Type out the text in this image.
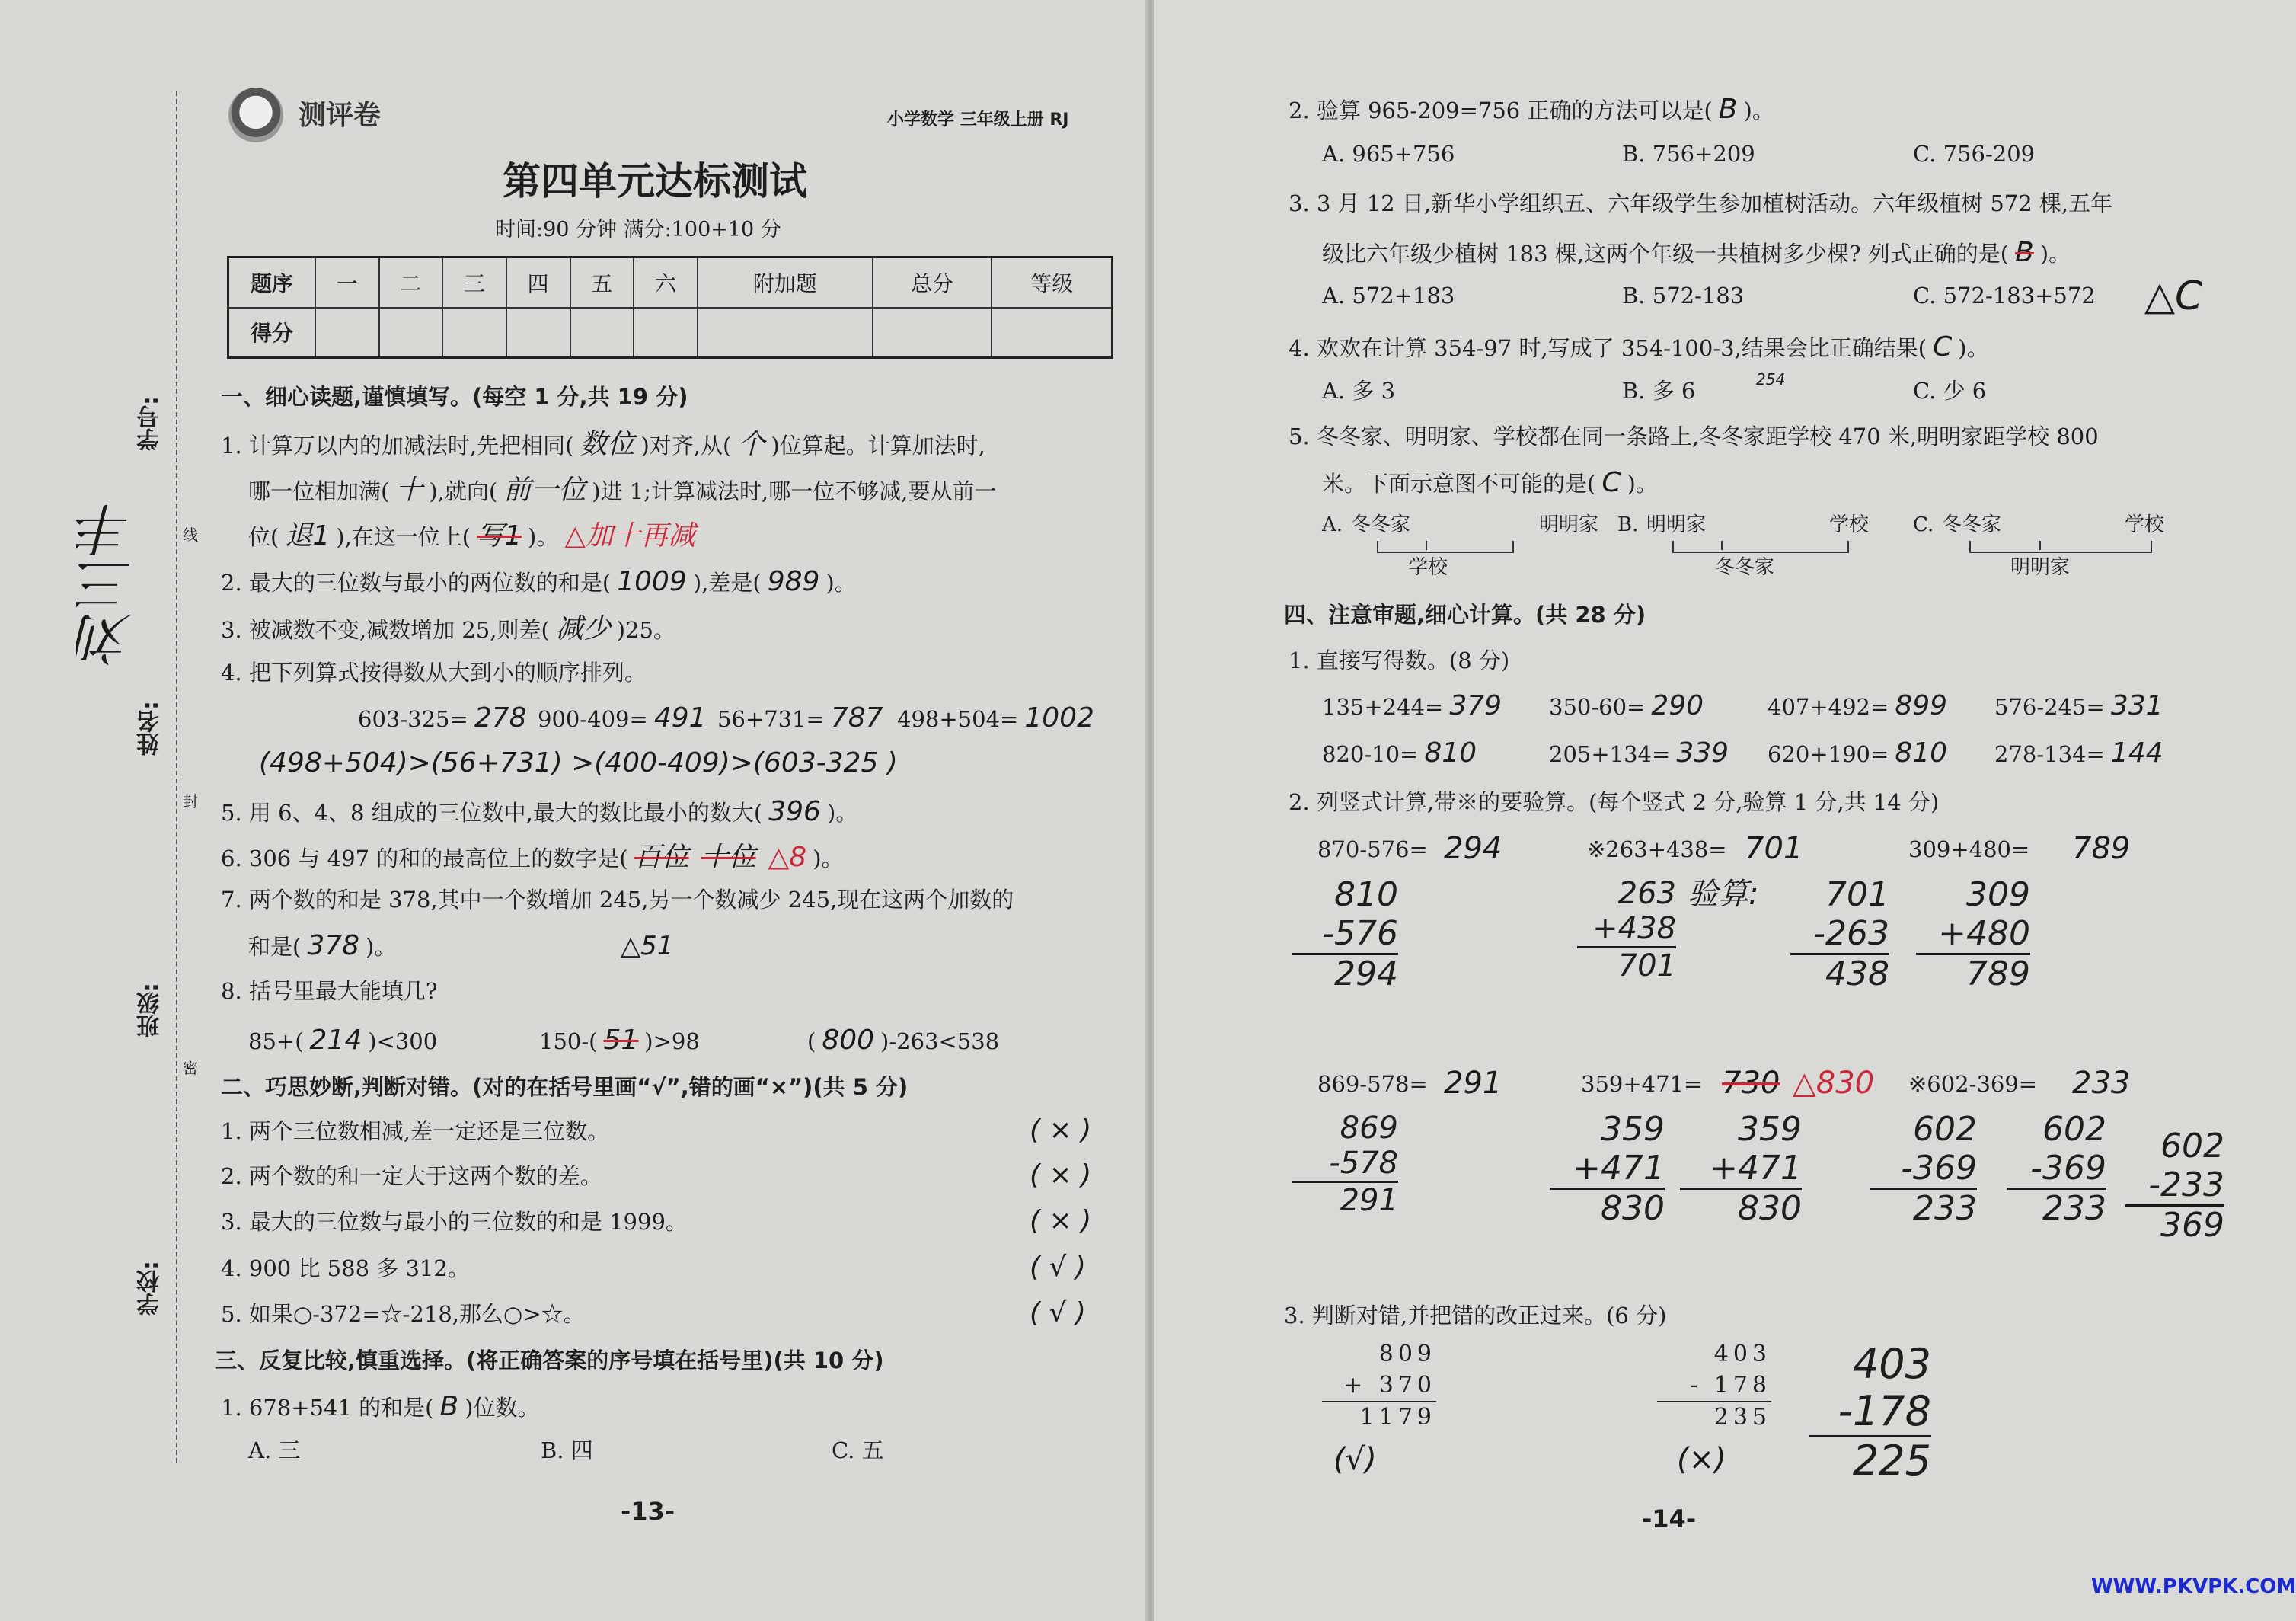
学号:
姓名:
班级:
学校:
线
封
密
刘三丰
测评卷	小学数学 三年级上册 RJ
第四单元达标测试
时间:90 分钟 满分:100+10 分
题序	一	二	三	四	五	六	附加题	总分	等级
得分									
一、细心读题,谨慎填写。(每空 1 分,共 19 分)
1. 计算万以内的加减法时,先把相同( 数位 )对齐,从( 个 )位算起。计算加法时,
哪一位相加满( 十 ),就向( 前一位 )进 1;计算减法时,哪一位不够减,要从前一
位( 退1 ),在这一位上( 写1 )。 △加十再减
2. 最大的三位数与最小的两位数的和是( 1009 ),差是( 989 )。
3. 被减数不变,减数增加 25,则差( 减少 )25。
4. 把下列算式按得数从大到小的顺序排列。
603-325= 278 900-409= 491 56+731= 787 498+504= 1002
(498+504)>(56+731) >(400-409)>(603-325 )
5. 用 6、4、8 组成的三位数中,最大的数比最小的数大( 396 )。
6. 306 与 497 的和的最高位上的数字是( 百位 十位 △8 )。
7. 两个数的和是 378,其中一个数增加 245,另一个数减少 245,现在这两个加数的
和是( 378 )。	△51
8. 括号里最大能填几?
85+( 214 )<300	150-( 51 )>98	( 800 )-263<538
二、巧思妙断,判断对错。(对的在括号里画“√”,错的画“×”)(共 5 分)
1. 两个三位数相减,差一定还是三位数。	( × )
2. 两个数的和一定大于这两个数的差。	( × )
3. 最大的三位数与最小的三位数的和是 1999。	( × )
4. 900 比 588 多 312。	( √ )
5. 如果○-372=☆-218,那么○>☆。	( √ )
三、反复比较,慎重选择。(将正确答案的序号填在括号里)(共 10 分)
1. 678+541 的和是( B )位数。
A. 三	B. 四	C. 五
-13-
2. 验算 965-209=756 正确的方法可以是( B )。
A. 965+756	B. 756+209	C. 756-209
3. 3 月 12 日,新华小学组织五、六年级学生参加植树活动。六年级植树 572 棵,五年
级比六年级少植树 183 棵,这两个年级一共植树多少棵? 列式正确的是( B )。
△C
A. 572+183	B. 572-183	C. 572-183+572
4. 欢欢在计算 354-97 时,写成了 354-100-3,结果会比正确结果( C )。
A. 多 3	B. 多 6	254	C. 少 6
5. 冬冬家、明明家、学校都在同一条路上,冬冬家距学校 470 米,明明家距学校 800
米。下面示意图不可能的是( C )。
A. 冬冬家	明明家
学校
B. 明明家	学校
冬冬家
C. 冬冬家	学校
明明家
四、注意审题,细心计算。(共 28 分)
1. 直接写得数。(8 分)
135+244= 379 350-60= 290	407+492= 899 576-245= 331
820-10= 810	205+134= 339 620+190= 810 278-134= 144
2. 列竖式计算,带※的要验算。(每个竖式 2 分,验算 1 分,共 14 分)
870-576= 294
810
-576
294
※263+438= 701
263
+438
701
验算:	701
-263
438
309+480= 789
309
+480
789
869-578= 291
869
-578
291
359+471= 730 △830
359
+471
830
359
+471
830
※602-369= 233
602
-369
233
602
-369
233
602
-233
369
3. 判断对错,并把错的改正过来。(6 分)
809
+ 370
1179
(√)
403
- 178
235
(×)
403
-178
225
-14-
WWW.PKVPK.COM
